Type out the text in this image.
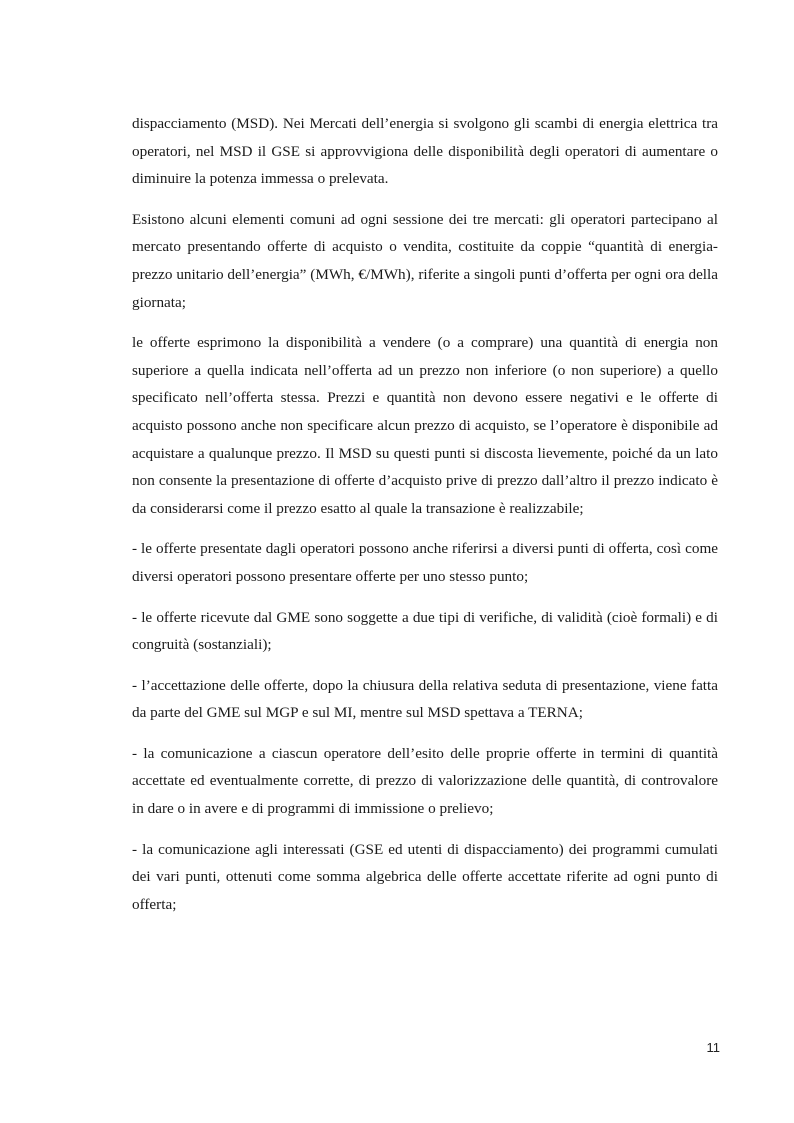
dispacciamento (MSD). Nei Mercati dell’energia si svolgono gli scambi di energia elettrica tra operatori, nel MSD il GSE si approvvigiona delle disponibilità degli operatori di aumentare o diminuire la potenza immessa o prelevata.

Esistono alcuni elementi comuni ad ogni sessione dei tre mercati: gli operatori partecipano al mercato presentando offerte di acquisto o vendita, costituite da coppie “quantità di energia-prezzo unitario dell’energia” (MWh, €/MWh), riferite a singoli punti d’offerta per ogni ora della giornata;

le offerte esprimono la disponibilità a vendere (o a comprare) una quantità di energia non superiore a quella indicata nell’offerta ad un prezzo non inferiore (o non superiore) a quello specificato nell’offerta stessa. Prezzi e quantità non devono essere negativi e le offerte di acquisto possono anche non specificare alcun prezzo di acquisto, se l’operatore è disponibile ad acquistare a qualunque prezzo. Il MSD su questi punti si discosta lievemente, poiché da un lato non consente la presentazione di offerte d’acquisto prive di prezzo dall’altro il prezzo indicato è da considerarsi come il prezzo esatto al quale la transazione è realizzabile;

- le offerte presentate dagli operatori possono anche riferirsi a diversi punti di offerta, così come diversi operatori possono presentare offerte per uno stesso punto;

- le offerte ricevute dal GME sono soggette a due tipi di verifiche, di validità (cioè formali) e di congruità (sostanziali);

- l’accettazione delle offerte, dopo la chiusura della relativa seduta di presentazione, viene fatta da parte del GME sul MGP e sul MI, mentre sul MSD spettava a TERNA;

- la comunicazione a ciascun operatore dell’esito delle proprie offerte in termini di quantità accettate ed eventualmente corrette, di prezzo di valorizzazione delle quantità, di controvalore in dare o in avere e di programmi di immissione o prelievo;

- la comunicazione agli interessati (GSE ed utenti di dispacciamento) dei programmi cumulati dei vari punti, ottenuti come somma algebrica delle offerte accettate riferite ad ogni punto di offerta;

11
